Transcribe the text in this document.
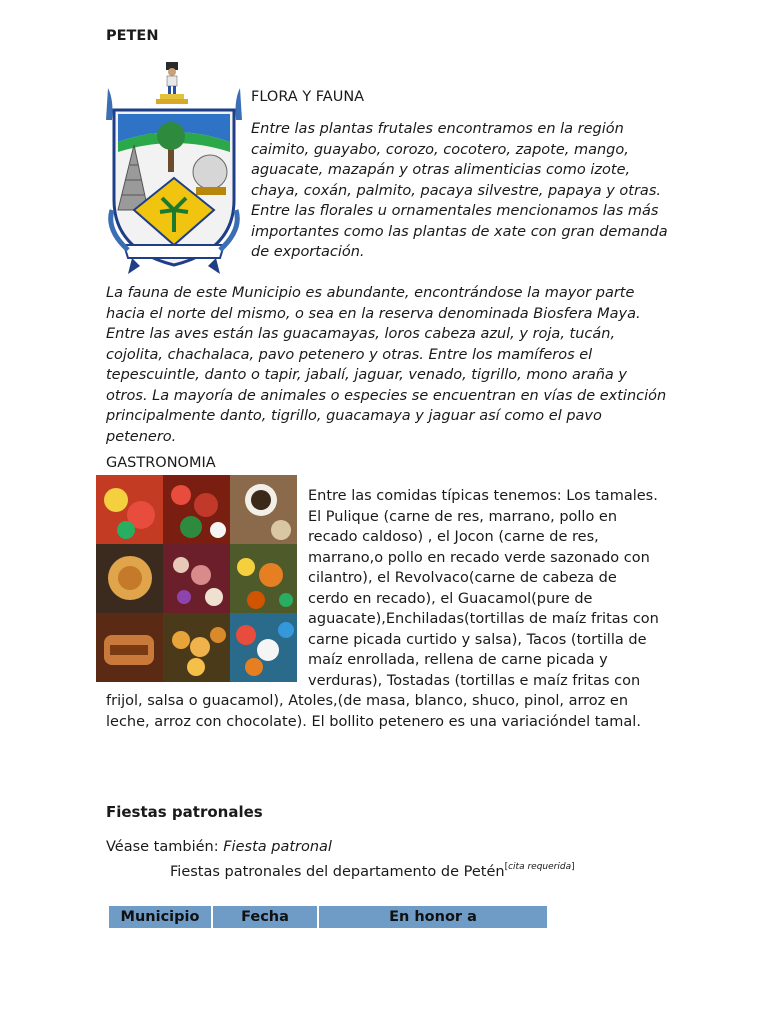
PETEN
FLORA Y FAUNA
Entre las plantas frutales encontramos en la región caimito, guayabo, corozo, cocotero, zapote, mango, aguacate, mazapán y otras alimenticias como izote, chaya, coxán, palmito, pacaya silvestre, papaya y otras. Entre las florales u ornamentales mencionamos las más importantes como las plantas de xate con gran demanda de exportación.
La fauna de este Municipio es abundante, encontrándose la mayor parte hacia el norte del mismo, o sea en la reserva denominada Biosfera Maya. Entre las aves están las guacamayas, loros cabeza azul, y roja, tucán, cojolita, chachalaca, pavo petenero y otras. Entre los mamíferos el tepescuintle, danto o tapir, jabalí, jaguar, venado, tigrillo, mono araña y otros. La mayoría de animales o especies se encuentran en vías de extinción principalmente danto, tigrillo, guacamaya y jaguar así como el pavo petenero.
GASTRONOMIA
Entre las comidas típicas tenemos: Los tamales. El Pulique (carne de res, marrano, pollo en recado caldoso) , el Jocon (carne de res, marrano,o pollo en recado verde sazonado con cilantro), el Revolvaco(carne de cabeza de cerdo en recado), el Guacamol(pure de aguacate),Enchiladas(tortillas de maíz fritas con carne picada curtido y salsa), Tacos (tortilla de maíz enrollada, rellena de carne picada y verduras), Tostadas (tortillas e maíz fritas con frijol, salsa o guacamol), Atoles,(de masa, blanco, shuco, pinol, arroz en leche, arroz con chocolate). El bollito petenero es una variacióndel tamal.
Fiestas patronales
Véase también: Fiesta patronal
Fiestas patronales del departamento de Petén[cita requerida]
Municipio	Fecha	En honor a
